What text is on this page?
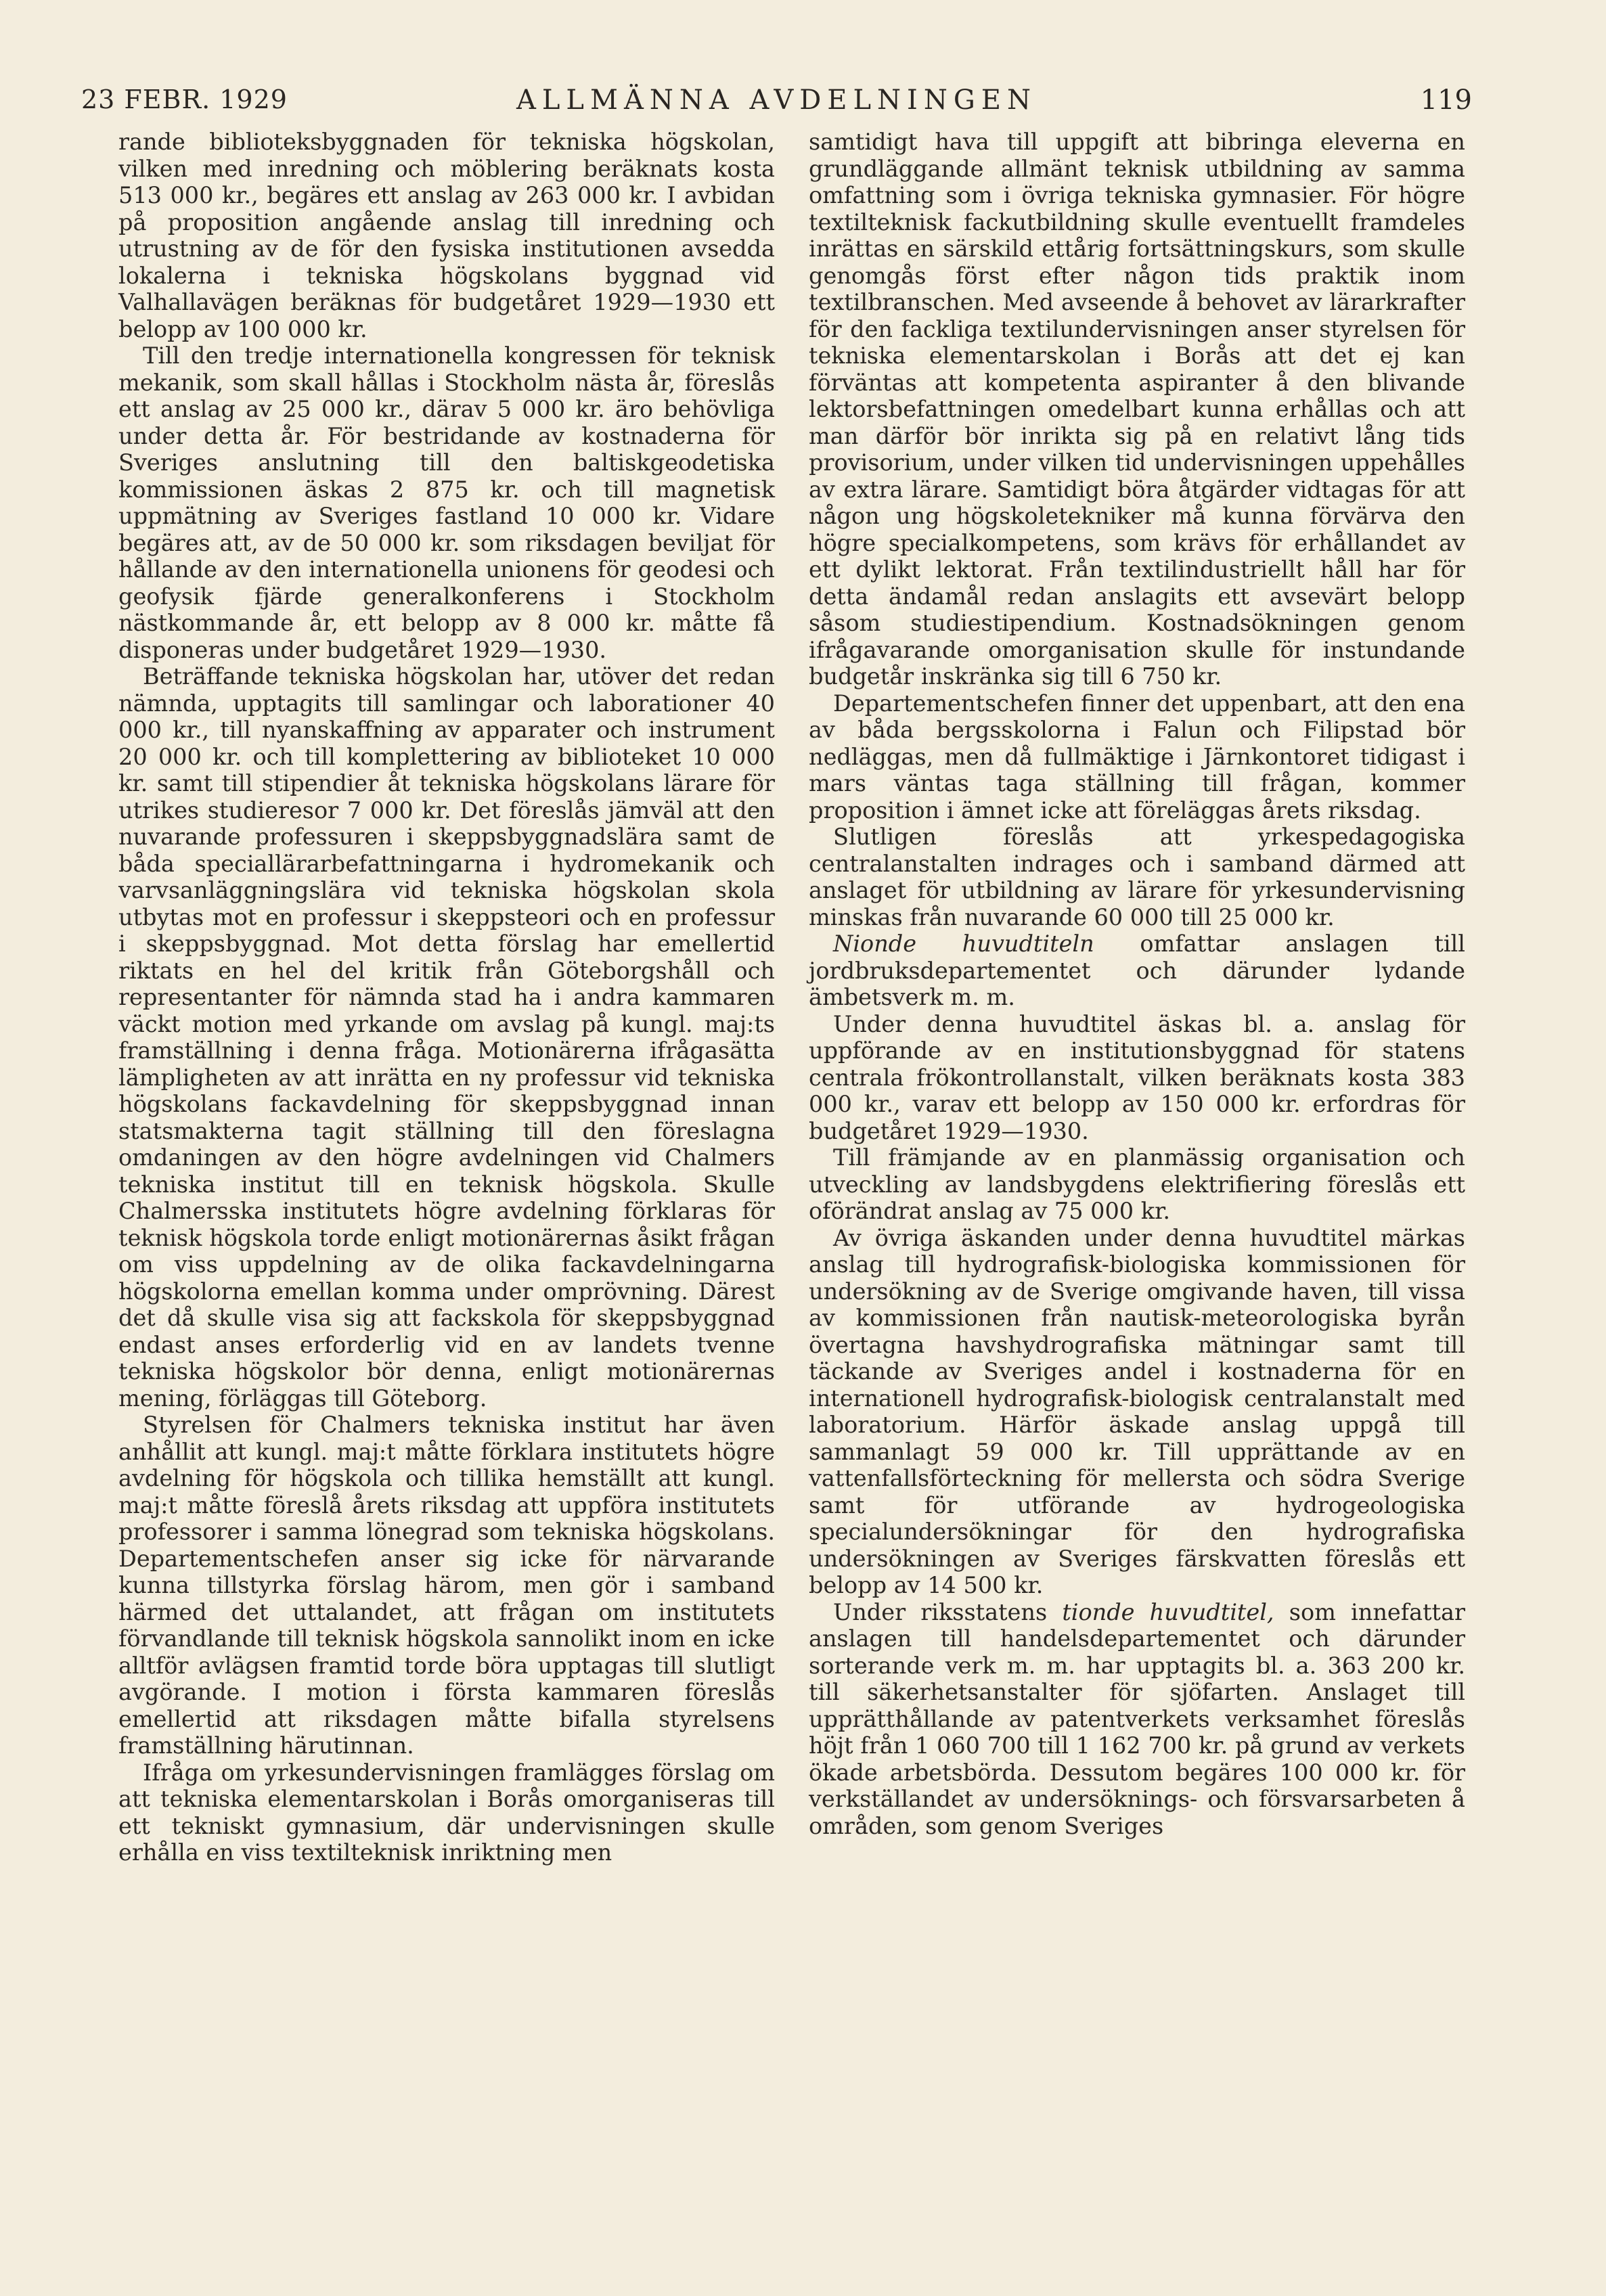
23 FEBR. 1929	ALLMÄNNA AVDELNINGEN	119

rande biblioteksbyggnaden för tekniska högskolan, vilken med inredning och möblering beräknats kosta 513 000 kr., begäres ett anslag av 263 000 kr. I avbidan på proposition angående anslag till inredning och utrustning av de för den fysiska institutionen avsedda lokalerna i tekniska högskolans byggnad vid Valhallavägen beräknas för budgetåret 1929—1930 ett belopp av 100 000 kr.

Till den tredje internationella kongressen för teknisk mekanik, som skall hållas i Stockholm nästa år, föreslås ett anslag av 25 000 kr., därav 5 000 kr. äro behövliga under detta år. För bestridande av kostnaderna för Sveriges anslutning till den baltiskgeodetiska kommissionen äskas 2 875 kr. och till magnetisk uppmätning av Sveriges fastland 10 000 kr. Vidare begäres att, av de 50 000 kr. som riksdagen beviljat för hållande av den internationella unionens för geodesi och geofysik fjärde generalkonferens i Stockholm nästkommande år, ett belopp av 8 000 kr. måtte få disponeras under budgetåret 1929—1930.

Beträffande tekniska högskolan har, utöver det redan nämnda, upptagits till samlingar och laborationer 40 000 kr., till nyanskaffning av apparater och instrument 20 000 kr. och till komplettering av biblioteket 10 000 kr. samt till stipendier åt tekniska högskolans lärare för utrikes studieresor 7 000 kr. Det föreslås jämväl att den nuvarande professuren i skeppsbyggnadslära samt de båda speciallärarbefattningarna i hydromekanik och varvsanläggningslära vid tekniska högskolan skola utbytas mot en professur i skeppsteori och en professur i skeppsbyggnad. Mot detta förslag har emellertid riktats en hel del kritik från Göteborgshåll och representanter för nämnda stad ha i andra kammaren väckt motion med yrkande om avslag på kungl. maj:ts framställning i denna fråga. Motionärerna ifrågasätta lämpligheten av att inrätta en ny professur vid tekniska högskolans fackavdelning för skeppsbyggnad innan statsmakterna tagit ställning till den föreslagna omdaningen av den högre avdelningen vid Chalmers tekniska institut till en teknisk högskola. Skulle Chalmersska institutets högre avdelning förklaras för teknisk högskola torde enligt motionärernas åsikt frågan om viss uppdelning av de olika fackavdelningarna högskolorna emellan komma under omprövning. Därest det då skulle visa sig att fackskola för skeppsbyggnad endast anses erforderlig vid en av landets tvenne tekniska högskolor bör denna, enligt motionärernas mening, förläggas till Göteborg.

Styrelsen för Chalmers tekniska institut har även anhållit att kungl. maj:t måtte förklara institutets högre avdelning för högskola och tillika hemställt att kungl. maj:t måtte föreslå årets riksdag att uppföra institutets professorer i samma lönegrad som tekniska högskolans. Departementschefen anser sig icke för närvarande kunna tillstyrka förslag härom, men gör i samband härmed det uttalandet, att frågan om institutets förvandlande till teknisk högskola sannolikt inom en icke alltför avlägsen framtid torde böra upptagas till slutligt avgörande. I motion i första kammaren föreslås emellertid att riksdagen måtte bifalla styrelsens framställning härutinnan.

Ifråga om yrkesundervisningen framlägges förslag om att tekniska elementarskolan i Borås omorganiseras till ett tekniskt gymnasium, där undervisningen skulle erhålla en viss textilteknisk inriktning men

samtidigt hava till uppgift att bibringa eleverna en grundläggande allmänt teknisk utbildning av samma omfattning som i övriga tekniska gymnasier. För högre textilteknisk fackutbildning skulle eventuellt framdeles inrättas en särskild ettårig fortsättningskurs, som skulle genomgås först efter någon tids praktik inom textilbranschen. Med avseende å behovet av lärarkrafter för den fackliga textilundervisningen anser styrelsen för tekniska elementarskolan i Borås att det ej kan förväntas att kompetenta aspiranter å den blivande lektorsbefattningen omedelbart kunna erhållas och att man därför bör inrikta sig på en relativt lång tids provisorium, under vilken tid undervisningen uppehålles av extra lärare. Samtidigt böra åtgärder vidtagas för att någon ung högskoletekniker må kunna förvärva den högre specialkompetens, som krävs för erhållandet av ett dylikt lektorat. Från textilindustriellt håll har för detta ändamål redan anslagits ett avsevärt belopp såsom studiestipendium. Kostnadsökningen genom ifrågavarande omorganisation skulle för instundande budgetår inskränka sig till 6 750 kr.

Departementschefen finner det uppenbart, att den ena av båda bergsskolorna i Falun och Filipstad bör nedläggas, men då fullmäktige i Järnkontoret tidigast i mars väntas taga ställning till frågan, kommer proposition i ämnet icke att föreläggas årets riksdag.

Slutligen föreslås att yrkespedagogiska centralanstalten indrages och i samband därmed att anslaget för utbildning av lärare för yrkesundervisning minskas från nuvarande 60 000 till 25 000 kr.

Nionde huvudtiteln omfattar anslagen till jordbruksdepartementet och därunder lydande ämbetsverk m. m.

Under denna huvudtitel äskas bl. a. anslag för uppförande av en institutionsbyggnad för statens centrala frökontrollanstalt, vilken beräknats kosta 383 000 kr., varav ett belopp av 150 000 kr. erfordras för budgetåret 1929—1930.

Till främjande av en planmässig organisation och utveckling av landsbygdens elektrifiering föreslås ett oförändrat anslag av 75 000 kr.

Av övriga äskanden under denna huvudtitel märkas anslag till hydrografisk-biologiska kommissionen för undersökning av de Sverige omgivande haven, till vissa av kommissionen från nautisk-meteorologiska byrån övertagna havshydrografiska mätningar samt till täckande av Sveriges andel i kostnaderna för en internationell hydrografisk-biologisk centralanstalt med laboratorium. Härför äskade anslag uppgå till sammanlagt 59 000 kr. Till upprättande av en vattenfallsförteckning för mellersta och södra Sverige samt för utförande av hydrogeologiska specialundersökningar för den hydrografiska undersökningen av Sveriges färskvatten föreslås ett belopp av 14 500 kr.

Under riksstatens tionde huvudtitel, som innefattar anslagen till handelsdepartementet och därunder sorterande verk m. m. har upptagits bl. a. 363 200 kr. till säkerhetsanstalter för sjöfarten. Anslaget till upprätthållande av patentverkets verksamhet föreslås höjt från 1 060 700 till 1 162 700 kr. på grund av verkets ökade arbetsbörda. Dessutom begäres 100 000 kr. för verkställandet av undersöknings- och försvarsarbeten å områden, som genom Sveriges
